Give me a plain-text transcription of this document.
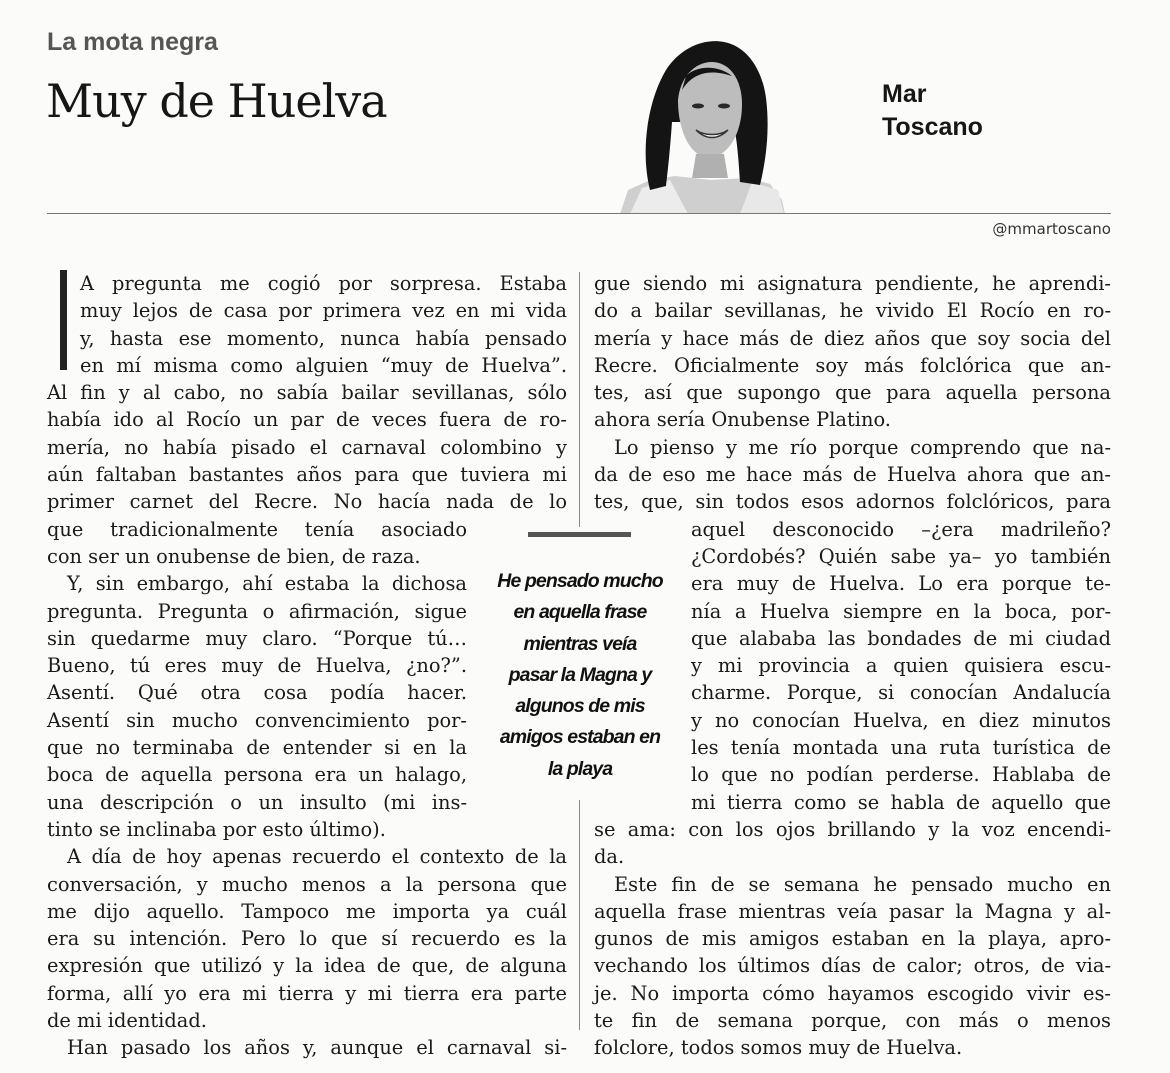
La mota negra
Muy de Huelva	Mar
Toscano
@mmartoscano
A pregunta me cogió por sorpresa. Estaba
muy lejos de casa por primera vez en mi vida
y, hasta ese momento, nunca había pensado
en mí misma como alguien “muy de Huelva”.
Al fin y al cabo, no sabía bailar sevillanas, sólo
había ido al Rocío un par de veces fuera de ro-
mería, no había pisado el carnaval colombino y
aún faltaban bastantes años para que tuviera mi
primer carnet del Recre. No hacía nada de lo
que tradicionalmente tenía asociado
con ser un onubense de bien, de raza.
Y, sin embargo, ahí estaba la dichosa
pregunta. Pregunta o afirmación, sigue
sin quedarme muy claro. “Porque tú…
Bueno, tú eres muy de Huelva, ¿no?”.
Asentí. Qué otra cosa podía hacer.
Asentí sin mucho convencimiento por-
que no terminaba de entender si en la
boca de aquella persona era un halago,
una descripción o un insulto (mi ins-
tinto se inclinaba por esto último).
A día de hoy apenas recuerdo el contexto de la
conversación, y mucho menos a la persona que
me dijo aquello. Tampoco me importa ya cuál
era su intención. Pero lo que sí recuerdo es la
expresión que utilizó y la idea de que, de alguna
forma, allí yo era mi tierra y mi tierra era parte
de mi identidad.
Han pasado los años y, aunque el carnaval si-
He pensado mucho
en aquella frase
mientras veía
pasar la Magna y
algunos de mis
amigos estaban en
la playa
gue siendo mi asignatura pendiente, he aprendi-
do a bailar sevillanas, he vivido El Rocío en ro-
mería y hace más de diez años que soy socia del
Recre. Oficialmente soy más folclórica que an-
tes, así que supongo que para aquella persona
ahora sería Onubense Platino.
Lo pienso y me río porque comprendo que na-
da de eso me hace más de Huelva ahora que an-
tes, que, sin todos esos adornos folclóricos, para
aquel desconocido –¿era madrileño?
¿Cordobés? Quién sabe ya– yo también
era muy de Huelva. Lo era porque te-
nía a Huelva siempre en la boca, por-
que alababa las bondades de mi ciudad
y mi provincia a quien quisiera escu-
charme. Porque, si conocían Andalucía
y no conocían Huelva, en diez minutos
les tenía montada una ruta turística de
lo que no podían perderse. Hablaba de
mi tierra como se habla de aquello que
se ama: con los ojos brillando y la voz encendi-
da.
Este fin de se semana he pensado mucho en
aquella frase mientras veía pasar la Magna y al-
gunos de mis amigos estaban en la playa, apro-
vechando los últimos días de calor; otros, de via-
je. No importa cómo hayamos escogido vivir es-
te fin de semana porque, con más o menos
folclore, todos somos muy de Huelva.
